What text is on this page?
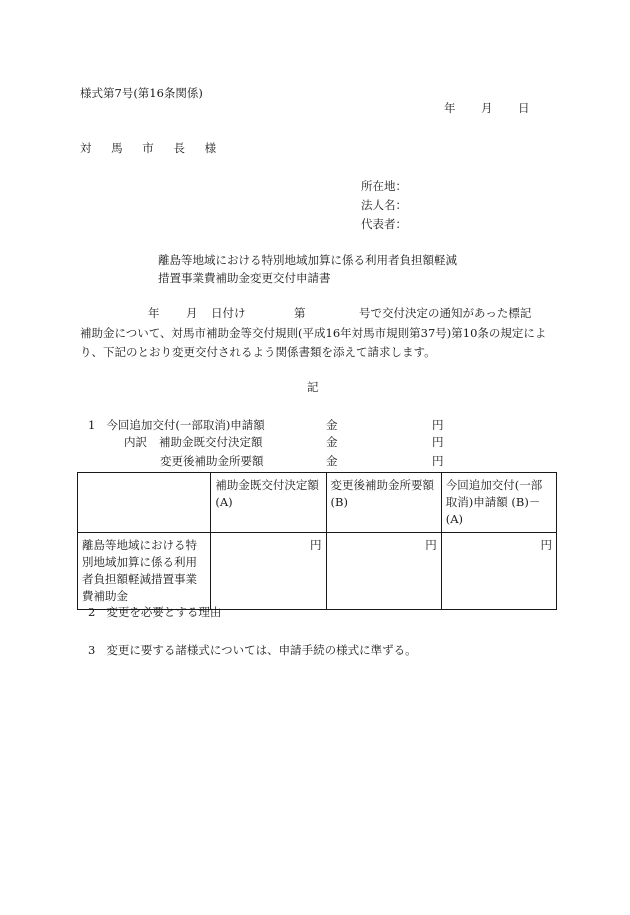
様式第7号(第16条関係)
年 月 日
対 馬 市 長 様
所在地：
法人名：
代表者：
離島等地域における特別地域加算に係る利用者負担額軽減
措置事業費補助金変更交付申請書
年 月 日付け	第	号で交付決定の通知があった標記
補助金について、対馬市補助金等交付規則(平成16年対馬市規則第37号)第10条の規定によ
り、下記のとおり変更交付されるよう関係書類を添えて請求します。
記
1 今回追加交付(一部取消)申請額	金	円
内訳 補助金既交付決定額	金	円
変更後補助金所要額	金	円
	補助金既交付決定額(A)	変更後補助金所要額(B)	今回追加交付(一部取消)申請額 (B)－(A)
離島等地域における特別地域加算に係る利用者負担額軽減措置事業費補助金	円	円	円
2 変更を必要とする理由
3 変更に要する諸様式については、申請手続の様式に準ずる。
